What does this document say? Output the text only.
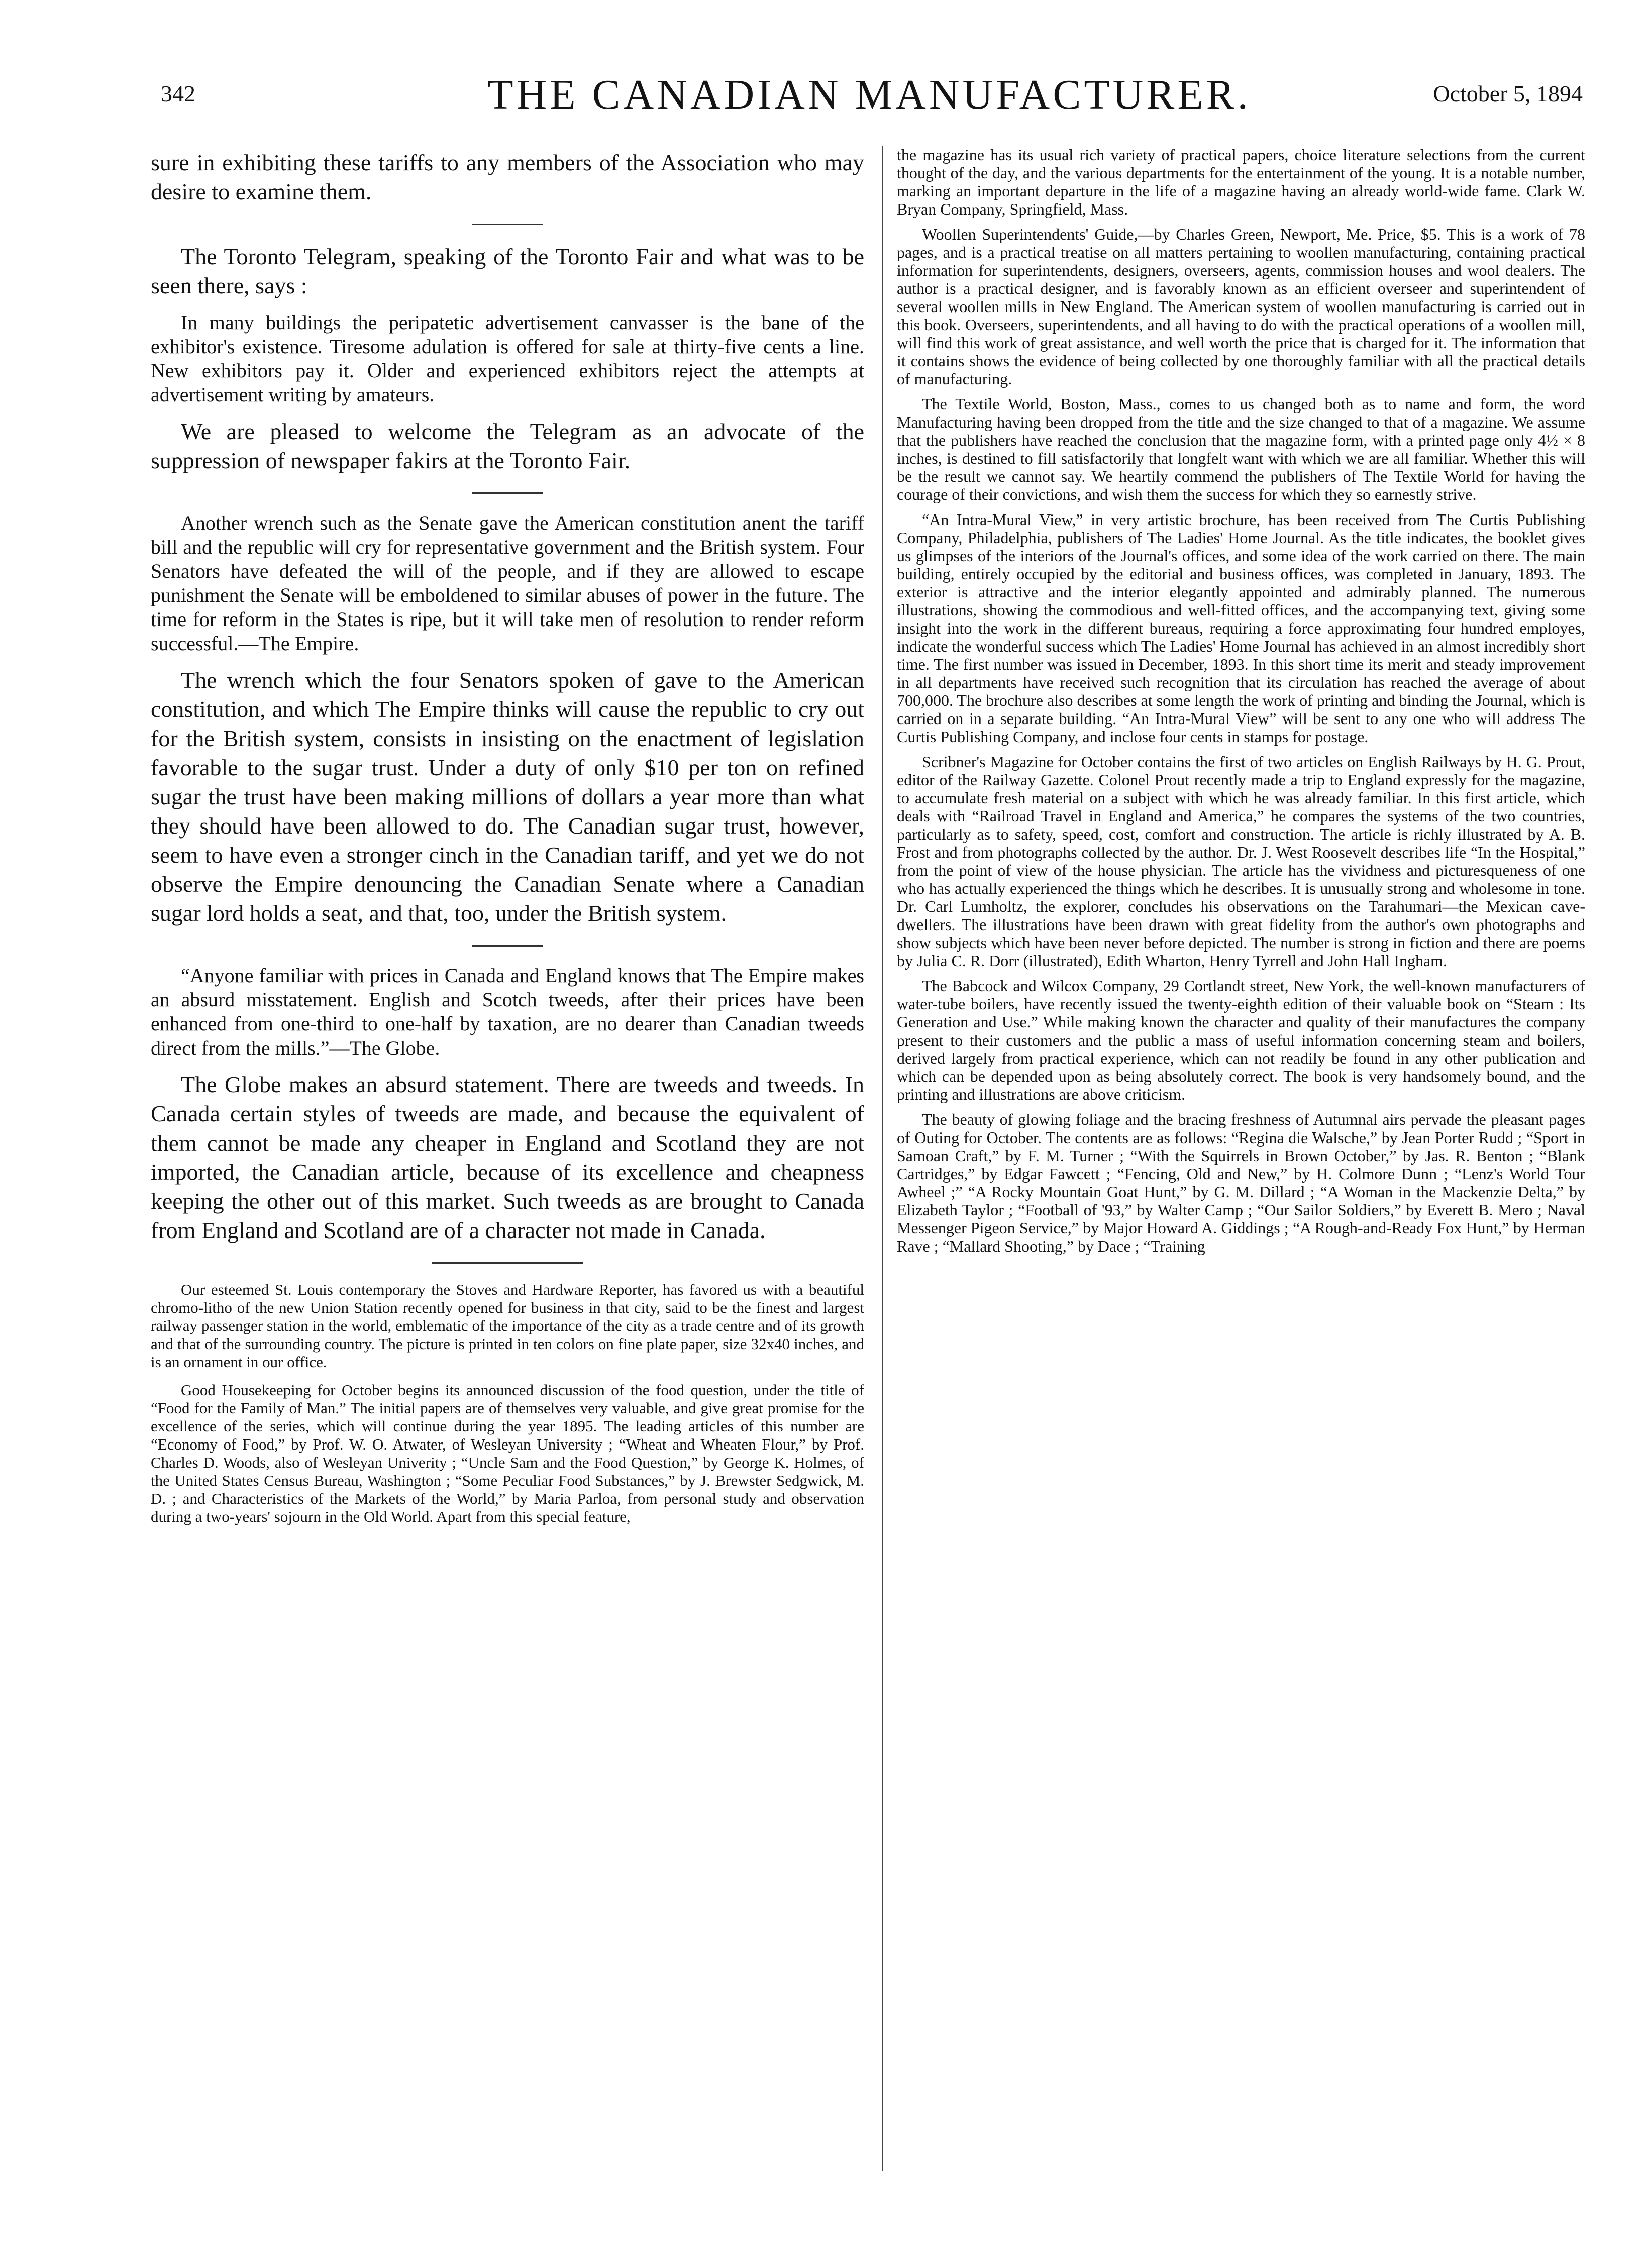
342	THE CANADIAN MANUFACTURER.	October 5, 1894

sure in exhibiting these tariffs to any members of the Association who may desire to examine them.

The Toronto Telegram, speaking of the Toronto Fair and what was to be seen there, says :

In many buildings the peripatetic advertisement canvasser is the bane of the exhibitor's existence. Tiresome adulation is offered for sale at thirty-five cents a line. New exhibitors pay it. Older and experienced exhibitors reject the attempts at advertisement writing by amateurs.

We are pleased to welcome the Telegram as an advocate of the suppression of newspaper fakirs at the Toronto Fair.

Another wrench such as the Senate gave the American constitution anent the tariff bill and the republic will cry for representative government and the British system. Four Senators have defeated the will of the people, and if they are allowed to escape punishment the Senate will be emboldened to similar abuses of power in the future. The time for reform in the States is ripe, but it will take men of resolution to render reform successful.—The Empire.

The wrench which the four Senators spoken of gave to the American constitution, and which The Empire thinks will cause the republic to cry out for the British system, consists in insisting on the enactment of legislation favorable to the sugar trust. Under a duty of only $10 per ton on refined sugar the trust have been making millions of dollars a year more than what they should have been allowed to do. The Canadian sugar trust, however, seem to have even a stronger cinch in the Canadian tariff, and yet we do not observe the Empire denouncing the Canadian Senate where a Canadian sugar lord holds a seat, and that, too, under the British system.

“Anyone familiar with prices in Canada and England knows that The Empire makes an absurd misstatement. English and Scotch tweeds, after their prices have been enhanced from one-third to one-half by taxation, are no dearer than Canadian tweeds direct from the mills.”—The Globe.

The Globe makes an absurd statement. There are tweeds and tweeds. In Canada certain styles of tweeds are made, and because the equivalent of them cannot be made any cheaper in England and Scotland they are not imported, the Canadian article, because of its excellence and cheapness keeping the other out of this market. Such tweeds as are brought to Canada from England and Scotland are of a character not made in Canada.

Our esteemed St. Louis contemporary the Stoves and Hardware Reporter, has favored us with a beautiful chromo-litho of the new Union Station recently opened for business in that city, said to be the finest and largest railway passenger station in the world, emblematic of the importance of the city as a trade centre and of its growth and that of the surrounding country. The picture is printed in ten colors on fine plate paper, size 32x40 inches, and is an ornament in our office.

Good Housekeeping for October begins its announced discussion of the food question, under the title of “Food for the Family of Man.” The initial papers are of themselves very valuable, and give great promise for the excellence of the series, which will continue during the year 1895. The leading articles of this number are “Economy of Food,” by Prof. W. O. Atwater, of Wesleyan University ; “Wheat and Wheaten Flour,” by Prof. Charles D. Woods, also of Wesleyan Univerity ; “Uncle Sam and the Food Question,” by George K. Holmes, of the United States Census Bureau, Washington ; “Some Peculiar Food Substances,” by J. Brewster Sedgwick, M. D. ; and Characteristics of the Markets of the World,” by Maria Parloa, from personal study and observation during a two-years' sojourn in the Old World. Apart from this special feature,

the magazine has its usual rich variety of practical papers, choice literature selections from the current thought of the day, and the various departments for the entertainment of the young. It is a notable number, marking an important departure in the life of a magazine having an already world-wide fame. Clark W. Bryan Company, Springfield, Mass.

Woollen Superintendents' Guide,—by Charles Green, Newport, Me. Price, $5. This is a work of 78 pages, and is a practical treatise on all matters pertaining to woollen manufacturing, containing practical information for superintendents, designers, overseers, agents, commission houses and wool dealers. The author is a practical designer, and is favorably known as an efficient overseer and superintendent of several woollen mills in New England. The American system of woollen manufacturing is carried out in this book. Overseers, superintendents, and all having to do with the practical operations of a woollen mill, will find this work of great assistance, and well worth the price that is charged for it. The information that it contains shows the evidence of being collected by one thoroughly familiar with all the practical details of manufacturing.

The Textile World, Boston, Mass., comes to us changed both as to name and form, the word Manufacturing having been dropped from the title and the size changed to that of a magazine. We assume that the publishers have reached the conclusion that the magazine form, with a printed page only 4½ × 8 inches, is destined to fill satisfactorily that longfelt want with which we are all familiar. Whether this will be the result we cannot say. We heartily commend the publishers of The Textile World for having the courage of their convictions, and wish them the success for which they so earnestly strive.

“An Intra-Mural View,” in very artistic brochure, has been received from The Curtis Publishing Company, Philadelphia, publishers of The Ladies' Home Journal. As the title indicates, the booklet gives us glimpses of the interiors of the Journal's offices, and some idea of the work carried on there. The main building, entirely occupied by the editorial and business offices, was completed in January, 1893. The exterior is attractive and the interior elegantly appointed and admirably planned. The numerous illustrations, showing the commodious and well-fitted offices, and the accompanying text, giving some insight into the work in the different bureaus, requiring a force approximating four hundred employes, indicate the wonderful success which The Ladies' Home Journal has achieved in an almost incredibly short time. The first number was issued in December, 1893. In this short time its merit and steady improvement in all departments have received such recognition that its circulation has reached the average of about 700,000. The brochure also describes at some length the work of printing and binding the Journal, which is carried on in a separate building. “An Intra-Mural View” will be sent to any one who will address The Curtis Publishing Company, and inclose four cents in stamps for postage.

Scribner's Magazine for October contains the first of two articles on English Railways by H. G. Prout, editor of the Railway Gazette. Colonel Prout recently made a trip to England expressly for the magazine, to accumulate fresh material on a subject with which he was already familiar. In this first article, which deals with “Railroad Travel in England and America,” he compares the systems of the two countries, particularly as to safety, speed, cost, comfort and construction. The article is richly illustrated by A. B. Frost and from photographs collected by the author. Dr. J. West Roosevelt describes life “In the Hospital,” from the point of view of the house physician. The article has the vividness and picturesqueness of one who has actually experienced the things which he describes. It is unusually strong and wholesome in tone. Dr. Carl Lumholtz, the explorer, concludes his observations on the Tarahumari—the Mexican cave-dwellers. The illustrations have been drawn with great fidelity from the author's own photographs and show subjects which have been never before depicted. The number is strong in fiction and there are poems by Julia C. R. Dorr (illustrated), Edith Wharton, Henry Tyrrell and John Hall Ingham.

The Babcock and Wilcox Company, 29 Cortlandt street, New York, the well-known manufacturers of water-tube boilers, have recently issued the twenty-eighth edition of their valuable book on “Steam : Its Generation and Use.” While making known the character and quality of their manufactures the company present to their customers and the public a mass of useful information concerning steam and boilers, derived largely from practical experience, which can not readily be found in any other publication and which can be depended upon as being absolutely correct. The book is very handsomely bound, and the printing and illustrations are above criticism.

The beauty of glowing foliage and the bracing freshness of Autumnal airs pervade the pleasant pages of Outing for October. The contents are as follows: “Regina die Walsche,” by Jean Porter Rudd ; “Sport in Samoan Craft,” by F. M. Turner ; “With the Squirrels in Brown October,” by Jas. R. Benton ; “Blank Cartridges,” by Edgar Fawcett ; “Fencing, Old and New,” by H. Colmore Dunn ; “Lenz's World Tour Awheel ;” “A Rocky Mountain Goat Hunt,” by G. M. Dillard ; “A Woman in the Mackenzie Delta,” by Elizabeth Taylor ; “Football of '93,” by Walter Camp ; “Our Sailor Soldiers,” by Everett B. Mero ; Naval Messenger Pigeon Service,” by Major Howard A. Giddings ; “A Rough-and-Ready Fox Hunt,” by Herman Rave ; “Mallard Shooting,” by Dace ; “Training
